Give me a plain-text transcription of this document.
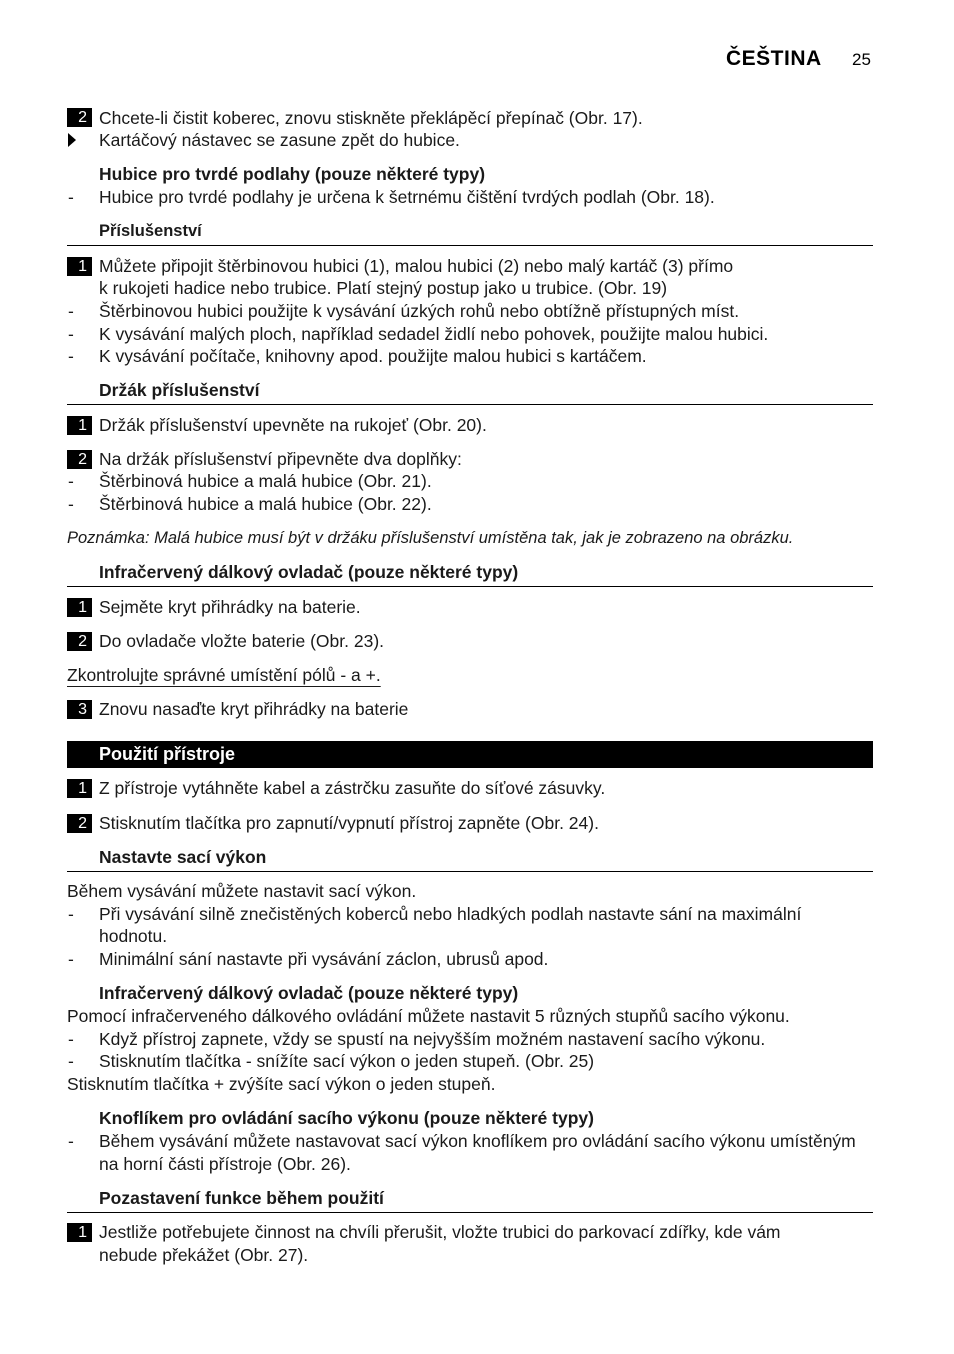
ČEŠTINA 25
2 Chcete-li čistit koberec, znovu stiskněte překlápěcí přepínač (Obr. 17).
Kartáčový nástavec se zasune zpět do hubice.
Hubice pro tvrdé podlahy (pouze některé typy)
- Hubice pro tvrdé podlahy je určena k šetrnému čištění tvrdých podlah (Obr. 18).
Příslušenství
1 Můžete připojit štěrbinovou hubici (1), malou hubici (2) nebo malý kartáč (3) přímo
k rukojeti hadice nebo trubice. Platí stejný postup jako u trubice. (Obr. 19)
- Štěrbinovou hubici použijte k vysávání úzkých rohů nebo obtížně přístupných míst.
- K vysávání malých ploch, například sedadel židlí nebo pohovek, použijte malou hubici.
- K vysávání počítače, knihovny apod. použijte malou hubici s kartáčem.
Držák příslušenství
1 Držák příslušenství upevněte na rukojeť (Obr. 20).
2 Na držák příslušenství připevněte dva doplňky:
- Štěrbinová hubice a malá hubice (Obr. 21).
- Štěrbinová hubice a malá hubice (Obr. 22).
Poznámka: Malá hubice musí být v držáku příslušenství umístěna tak, jak je zobrazeno na obrázku.
Infračervený dálkový ovladač (pouze některé typy)
1 Sejměte kryt přihrádky na baterie.
2 Do ovladače vložte baterie (Obr. 23).
Zkontrolujte správné umístění pólů - a +.
3 Znovu nasaďte kryt přihrádky na baterie
Použití přístroje
1 Z přístroje vytáhněte kabel a zástrčku zasuňte do síťové zásuvky.
2 Stisknutím tlačítka pro zapnutí/vypnutí přístroj zapněte (Obr. 24).
Nastavte sací výkon
Během vysávání můžete nastavit sací výkon.
- Při vysávání silně znečistěných koberců nebo hladkých podlah nastavte sání na maximální
hodnotu.
- Minimální sání nastavte při vysávání záclon, ubrusů apod.
Infračervený dálkový ovladač (pouze některé typy)
Pomocí infračerveného dálkového ovládání můžete nastavit 5 různých stupňů sacího výkonu.
- Když přístroj zapnete, vždy se spustí na nejvyšším možném nastavení sacího výkonu.
- Stisknutím tlačítka - snížíte sací výkon o jeden stupeň. (Obr. 25)
Stisknutím tlačítka + zvýšíte sací výkon o jeden stupeň.
Knoflíkem pro ovládání sacího výkonu (pouze některé typy)
- Během vysávání můžete nastavovat sací výkon knoflíkem pro ovládání sacího výkonu umístěným
na horní části přístroje (Obr. 26).
Pozastavení funkce během použití
1 Jestliže potřebujete činnost na chvíli přerušit, vložte trubici do parkovací zdířky, kde vám
nebude překážet (Obr. 27).
